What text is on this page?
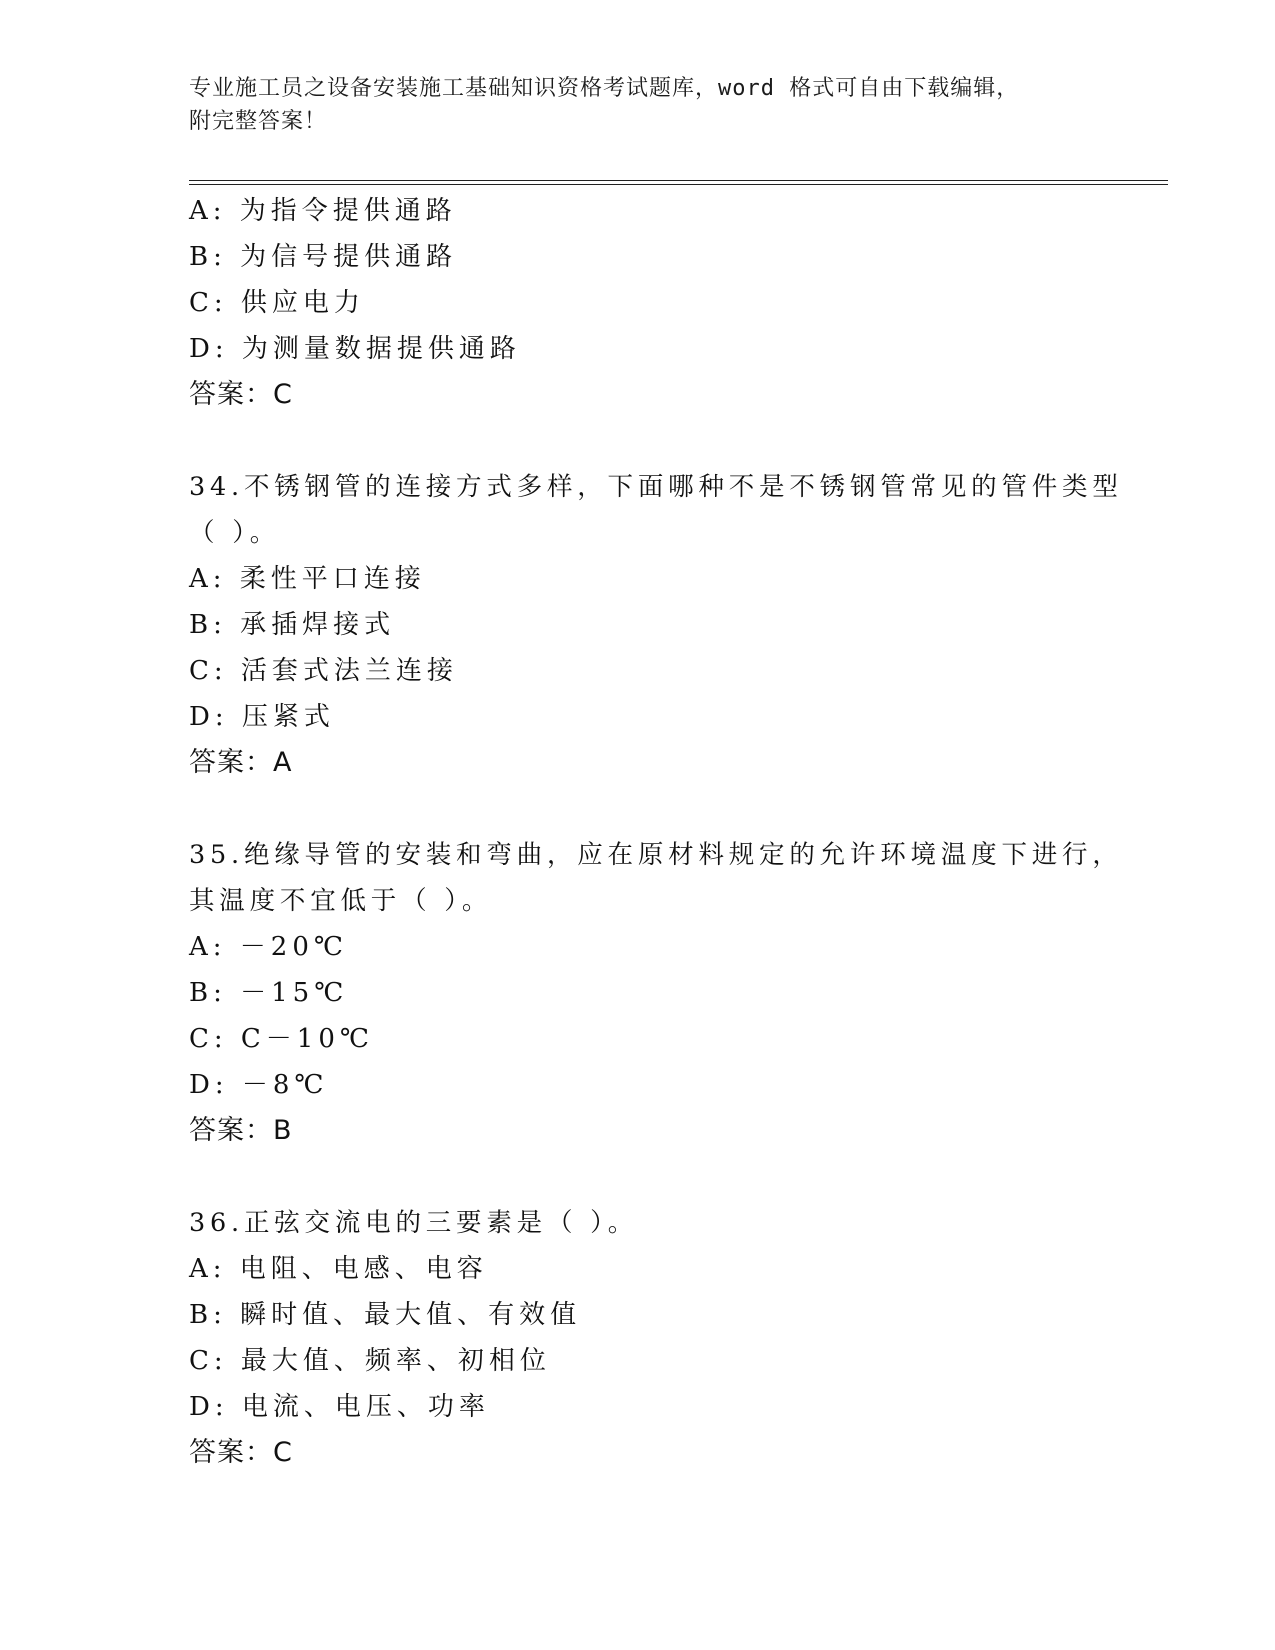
专业施工员之设备安装施工基础知识资格考试题库，word 格式可自由下载编辑，
附完整答案！
A: 为指令提供通路
B: 为信号提供通路
C: 供应电力
D: 为测量数据提供通路
答案：C
34.不锈钢管的连接方式多样，下面哪种不是不锈钢管常见的管件类型
（ ）。
A: 柔性平口连接
B: 承插焊接式
C: 活套式法兰连接
D: 压紧式
答案：A
35.绝缘导管的安装和弯曲，应在原材料规定的允许环境温度下进行，
其温度不宜低于（ ）。
A: －20℃
B: －15℃
C: C－10℃
D: －8℃
答案：B
36.正弦交流电的三要素是（ ）。
A: 电阻、电感、电容
B: 瞬时值、最大值、有效值
C: 最大值、频率、初相位
D: 电流、电压、功率
答案：C
